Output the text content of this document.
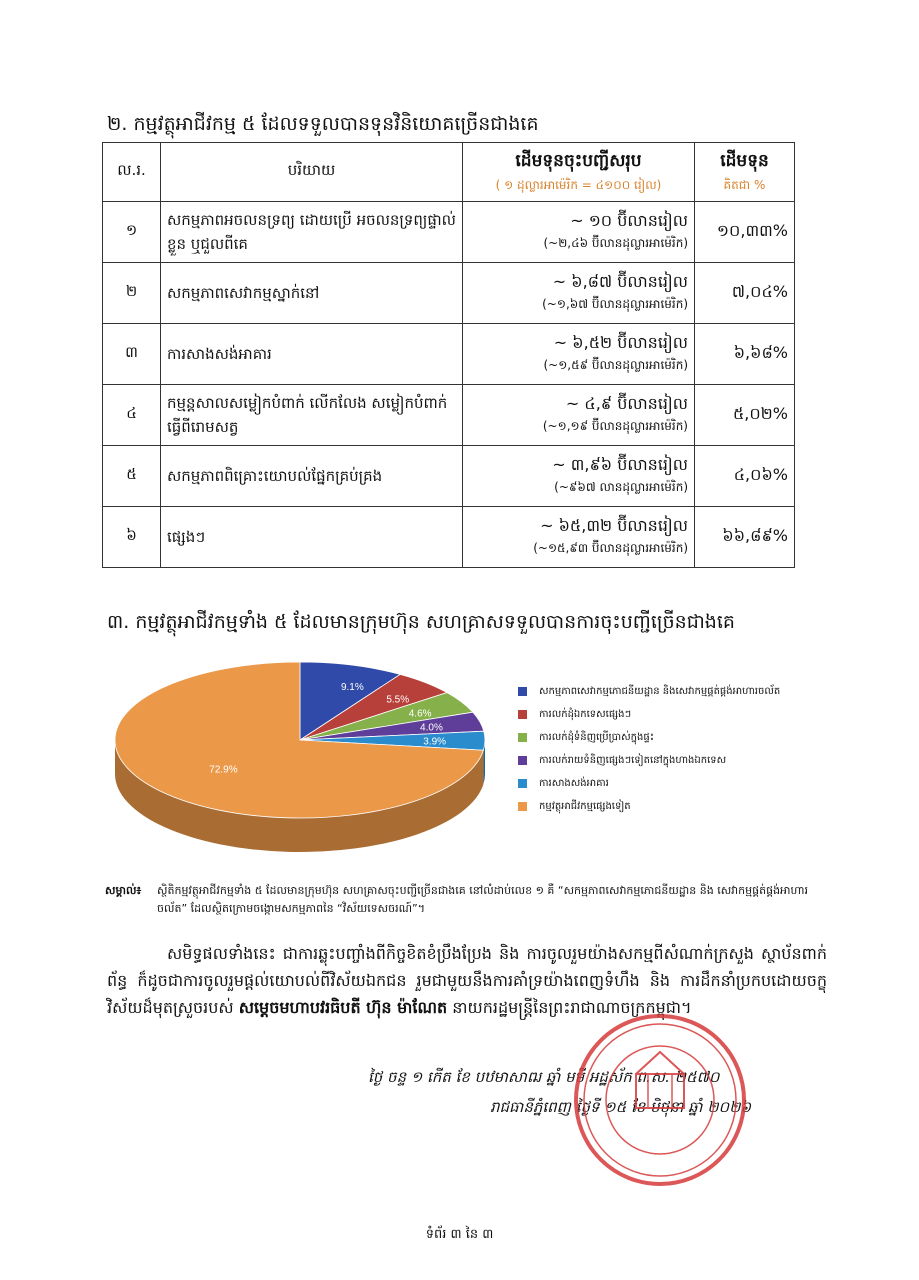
២. កម្មវត្ថុអាជីវកម្ម ៥ ដែលទទួលបានទុនវិនិយោគច្រើនជាងគេ
ល.រ.	បរិយាយ	ដើមទុនចុះបញ្ជីសរុប
( ១ ដុល្លារអាម៉េរិក = ៤១០០ រៀល)	ដើមទុន
គិតជា %

១	សកម្មភាពអចលនទ្រព្យ ដោយប្រើ អចលនទ្រព្យផ្ទាល់ខ្លួន ឬជួលពីគេ	~ ១០ ប៊ីលានរៀល
(~២,៤៦ ប៊ីលានដុល្លារអាម៉េរិក)	១០,៣៣%
២	សកម្មភាពសេវាកម្មស្នាក់នៅ	~ ៦,៨៧ ប៊ីលានរៀល
(~១,៦៧ ប៊ីលានដុល្លារអាម៉េរិក)	៧,០៤%
៣	ការសាងសង់អាគារ	~ ៦,៥២ ប៊ីលានរៀល
(~១,៥៩ ប៊ីលានដុល្លារអាម៉េរិក)	៦,៦៨%
៤	កម្មន្តសាលសម្លៀកបំពាក់ លើកលែង សម្លៀកបំពាក់ធ្វើពីរោមសត្វ	~ ៤,៩ ប៊ីលានរៀល
(~១,១៩ ប៊ីលានដុល្លារអាម៉េរិក)	៥,០២%
៥	សកម្មភាពពិគ្រោះយោបល់ផ្នែកគ្រប់គ្រង	~ ៣,៩៦ ប៊ីលានរៀល
(~៩៦៧ លានដុល្លារអាម៉េរិក)	៤,០៦%
៦	ផ្សេងៗ	~ ៦៥,៣២ ប៊ីលានរៀល
(~១៥,៩៣ ប៊ីលានដុល្លារអាម៉េរិក)	៦៦,៨៩%
៣. កម្មវត្ថុអាជីវកម្មទាំង ៥ ដែលមានក្រុមហ៊ុន សហគ្រាសទទួលបានការចុះបញ្ជីច្រើនជាងគេ
9.1%
5.5%
4.6%
4.0%
3.9%
72.9%
សកម្មភាពសេវាកម្មភោជនីយដ្ឋាន និងសេវាកម្មផ្គត់ផ្គង់អាហារចល័ត
ការលក់ដុំឯកទេសផ្សេងៗ
ការលក់ដុំទំនិញប្រើប្រាស់ក្នុងផ្ទះ
ការលក់រាយទំនិញផ្សេងៗទៀតនៅក្នុងហាងឯកទេស
ការសាងសង់អាគារ
កម្មវត្ថុអាជីវកម្មផ្សេងទៀត
សម្គាល់៖	ស្ថិតិកម្មវត្ថុអាជីវកម្មទាំង ៥ ដែលមានក្រុមហ៊ុន សហគ្រាសចុះបញ្ជីច្រើនជាងគេ នៅលំដាប់លេខ ១ គឺ “សកម្មភាពសេវាកម្មភោជនីយដ្ឋាន និង សេវាកម្មផ្គត់ផ្គង់អាហារចល័ត” ដែលស្ថិតក្រោមចង្កោមសកម្មភាពនៃ “វិស័យទេសចរណ៍”។

សមិទ្ធផលទាំងនេះ ជាការឆ្លុះបញ្ចាំងពីកិច្ចខិតខំប្រឹងប្រែង និង ការចូលរួមយ៉ាងសកម្មពីសំណាក់ក្រសួង ស្ថាប័នពាក់ព័ន្ធ ក៏ដូចជាការចូលរួមផ្តល់យោបល់ពីវិស័យឯកជន រួមជាមួយនឹងការគាំទ្រយ៉ាងពេញទំហឹង និង ការដឹកនាំប្រកបដោយចក្ខុវិស័យដ៏មុតស្រួចរបស់ សម្តេចមហាបវរធិបតី ហ៊ុន ម៉ាណែត នាយករដ្ឋមន្ត្រីនៃព្រះរាជាណាចក្រកម្ពុជា។

ថ្ងៃ ចន្ទ ១ កើត ខែ បឋមាសាឍ ឆ្នាំ មមី អដ្ឋស័ក ព.ស. ២៥៧០
រាជធានីភ្នំពេញ ថ្ងៃទី ១៥ ខែ មិថុនា ឆ្នាំ ២០២៦
ទំព័រ ៣ នៃ ៣
